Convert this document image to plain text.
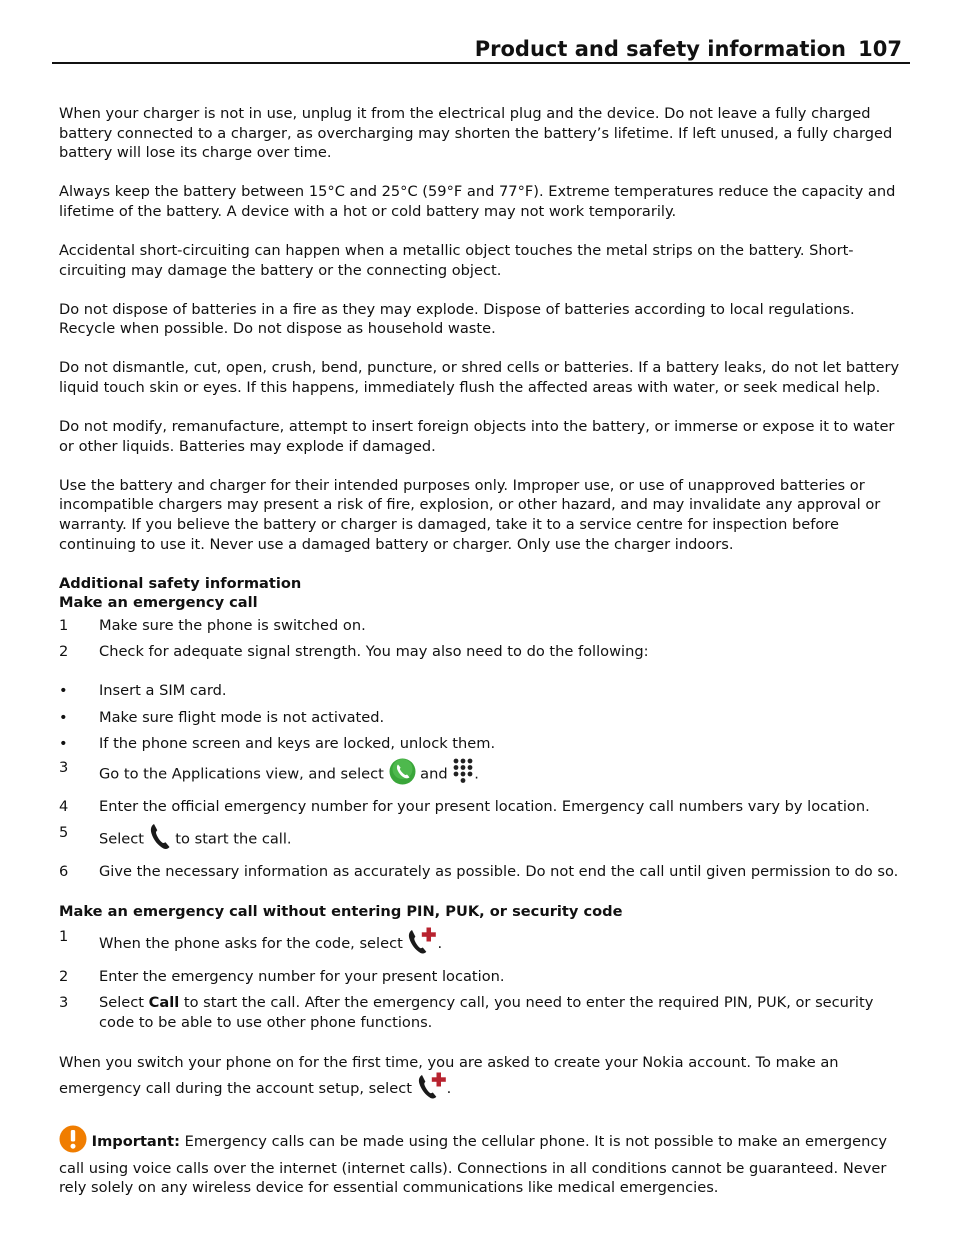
Product and safety information 107

When your charger is not in use, unplug it from the electrical plug and the device. Do not leave a fully charged battery connected to a charger, as overcharging may shorten the battery’s lifetime. If left unused, a fully charged battery will lose its charge over time.

Always keep the battery between 15°C and 25°C (59°F and 77°F). Extreme temperatures reduce the capacity and lifetime of the battery. A device with a hot or cold battery may not work temporarily.

Accidental short-circuiting can happen when a metallic object touches the metal strips on the battery. Short-circuiting may damage the battery or the connecting object.

Do not dispose of batteries in a fire as they may explode. Dispose of batteries according to local regulations. Recycle when possible. Do not dispose as household waste.

Do not dismantle, cut, open, crush, bend, puncture, or shred cells or batteries. If a battery leaks, do not let battery liquid touch skin or eyes. If this happens, immediately flush the affected areas with water, or seek medical help.

Do not modify, remanufacture, attempt to insert foreign objects into the battery, or immerse or expose it to water or other liquids. Batteries may explode if damaged.

Use the battery and charger for their intended purposes only. Improper use, or use of unapproved batteries or incompatible chargers may present a risk of fire, explosion, or other hazard, and may invalidate any approval or warranty. If you believe the battery or charger is damaged, take it to a service centre for inspection before continuing to use it. Never use a damaged battery or charger. Only use the charger indoors.

Additional safety information
Make an emergency call
1 Make sure the phone is switched on.
2 Check for adequate signal strength. You may also need to do the following:
• Insert a SIM card.
• Make sure flight mode is not activated.
• If the phone screen and keys are locked, unlock them.
3 Go to the Applications view, and select  and .
4 Enter the official emergency number for your present location. Emergency call numbers vary by location.
5 Select  to start the call.
6 Give the necessary information as accurately as possible. Do not end the call until given permission to do so.
Make an emergency call without entering PIN, PUK, or security code
1 When the phone asks for the code, select .
2 Enter the emergency number for your present location.
3 Select Call to start the call. After the emergency call, you need to enter the required PIN, PUK, or security code to be able to use other phone functions.

When you switch your phone on for the first time, you are asked to create your Nokia account. To make an emergency call during the account setup, select .

Important: Emergency calls can be made using the cellular phone. It is not possible to make an emergency call using voice calls over the internet (internet calls). Connections in all conditions cannot be guaranteed. Never rely solely on any wireless device for essential communications like medical emergencies.
